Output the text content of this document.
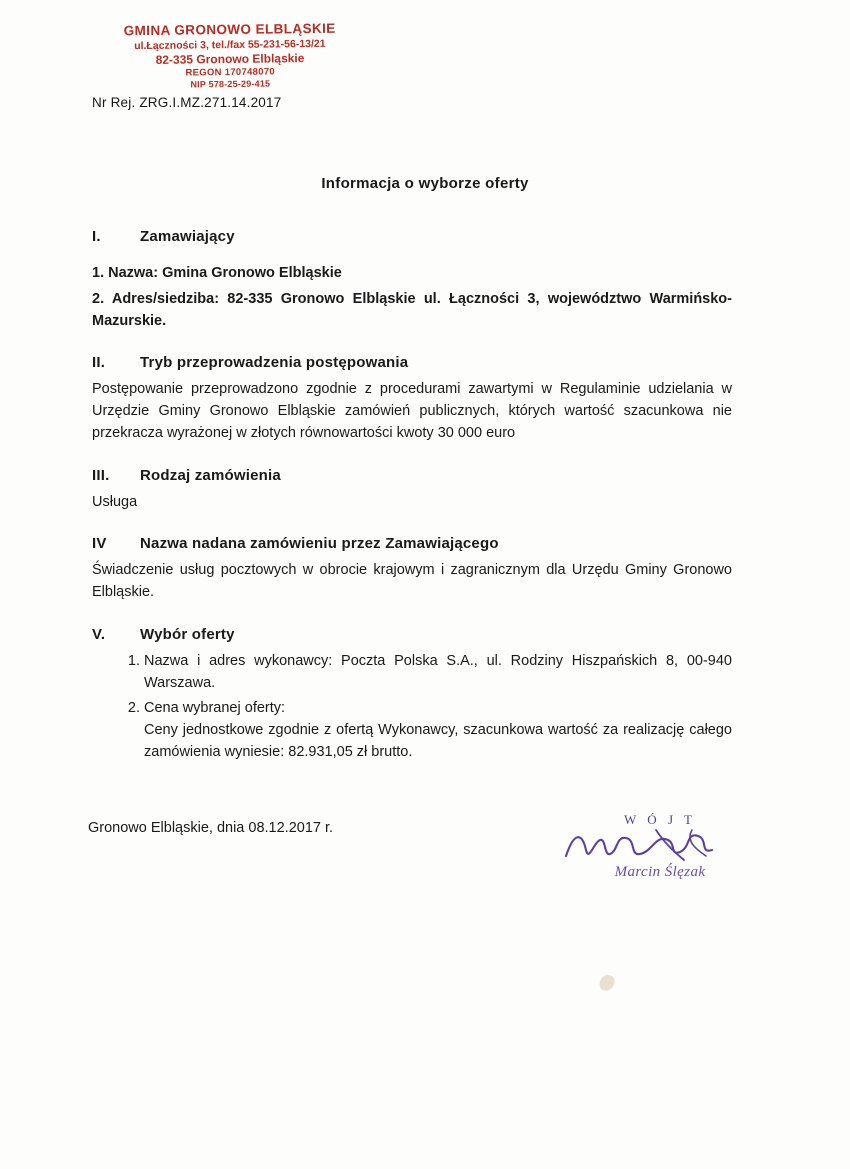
GMINA GRONOWO ELBLĄSKIE
ul.Łączności 3, tel./fax 55-231-56-13/21
82-335 Gronowo Elbląskie
REGON 170748070
NIP 578-25-29-415
Nr Rej. ZRG.I.MZ.271.14.2017
Informacja o wyborze oferty
I.	Zamawiający
1. Nazwa: Gmina Gronowo Elbląskie
2. Adres/siedziba: 82-335 Gronowo Elbląskie ul. Łączności 3, województwo Warmińsko- Mazurskie.
II.	Tryb przeprowadzenia postępowania
Postępowanie przeprowadzono zgodnie z procedurami zawartymi w Regulaminie udzielania w Urzędzie Gminy Gronowo Elbląskie zamówień publicznych, których wartość szacunkowa nie przekracza wyrażonej w złotych równowartości kwoty 30 000 euro
III.	Rodzaj zamówienia
Usługa
IV	Nazwa nadana zamówieniu przez Zamawiającego
Świadczenie usług pocztowych w obrocie krajowym i zagranicznym dla Urzędu Gminy Gronowo Elbląskie.
V.	Wybór oferty
1. Nazwa i adres wykonawcy: Poczta Polska S.A., ul. Rodziny Hiszpańskich 8, 00-940 Warszawa.
2. Cena wybranej oferty:
Ceny jednostkowe zgodnie z ofertą Wykonawcy, szacunkowa wartość za realizację całego zamówienia wyniesie: 82.931,05 zł brutto.
Gronowo Elbląskie, dnia 08.12.2017 r.
W Ó J T
Marcin Ślęzak
